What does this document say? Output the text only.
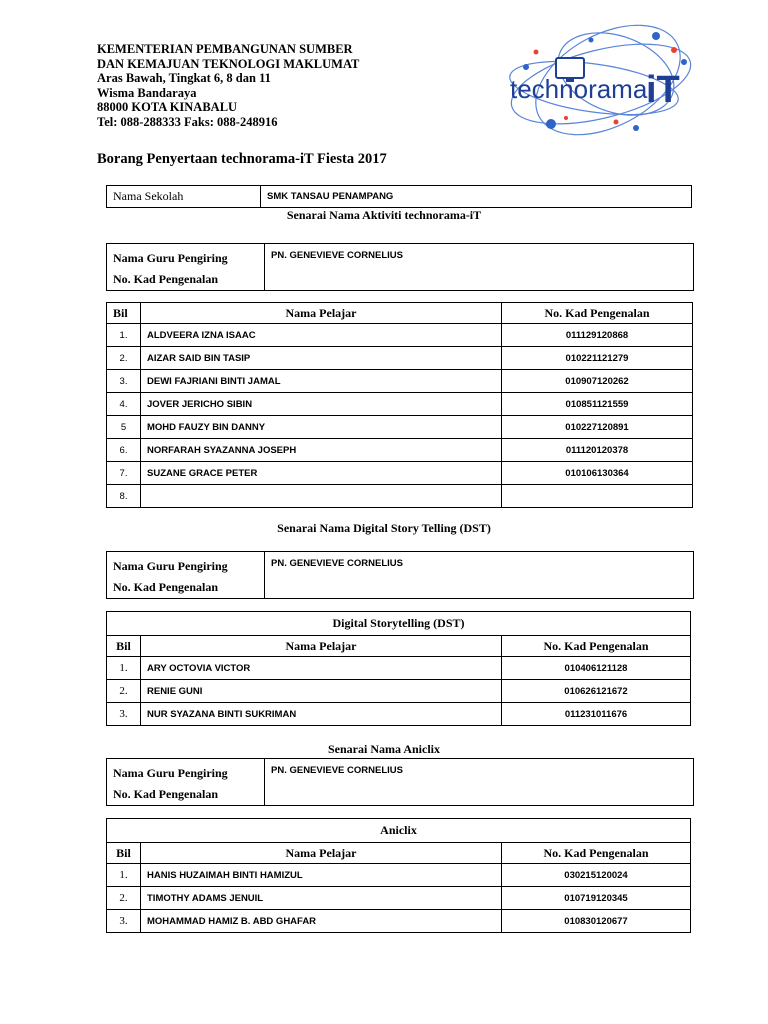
KEMENTERIAN PEMBANGUNAN SUMBER
DAN KEMAJUAN TEKNOLOGI MAKLUMAT
Aras Bawah, Tingkat 6, 8 dan 11
Wisma Bandaraya
88000 KOTA KINABALU
Tel: 088-288333 Faks: 088-248916
technorama
iT
Borang Penyertaan technorama-iT Fiesta 2017
Nama Sekolah	SMK TANSAU PENAMPANG
Senarai Nama Aktiviti technorama-iT
Nama Guru Pengiring
No. Kad Pengenalan
	PN. GENEVIEVE CORNELIUS
Bil	Nama Pelajar	No. Kad Pengenalan
1.	ALDVEERA IZNA ISAAC	011129120868
2.	AIZAR SAID BIN TASIP	010221121279
3.	DEWI FAJRIANI BINTI JAMAL	010907120262
4.	JOVER JERICHO SIBIN	010851121559
5	MOHD FAUZY BIN DANNY	010227120891
6.	NORFARAH SYAZANNA JOSEPH	011120120378
7.	SUZANE GRACE PETER	010106130364
8.		
Senarai Nama Digital Story Telling (DST)
Nama Guru Pengiring
No. Kad Pengenalan
	PN. GENEVIEVE CORNELIUS
Digital Storytelling (DST)		
Bil	Nama Pelajar	No. Kad Pengenalan
1.	ARY OCTOVIA VICTOR	010406121128
2.	RENIE GUNI	010626121672
3.	NUR SYAZANA BINTI SUKRIMAN	011231011676
Senarai Nama Aniclix
Nama Guru Pengiring
No. Kad Pengenalan
	PN. GENEVIEVE CORNELIUS
Aniclix		
Bil	Nama Pelajar	No. Kad Pengenalan
1.	HANIS HUZAIMAH BINTI HAMIZUL	030215120024
2.	TIMOTHY ADAMS JENUIL	010719120345
3.	MOHAMMAD HAMIZ B. ABD GHAFAR	010830120677
